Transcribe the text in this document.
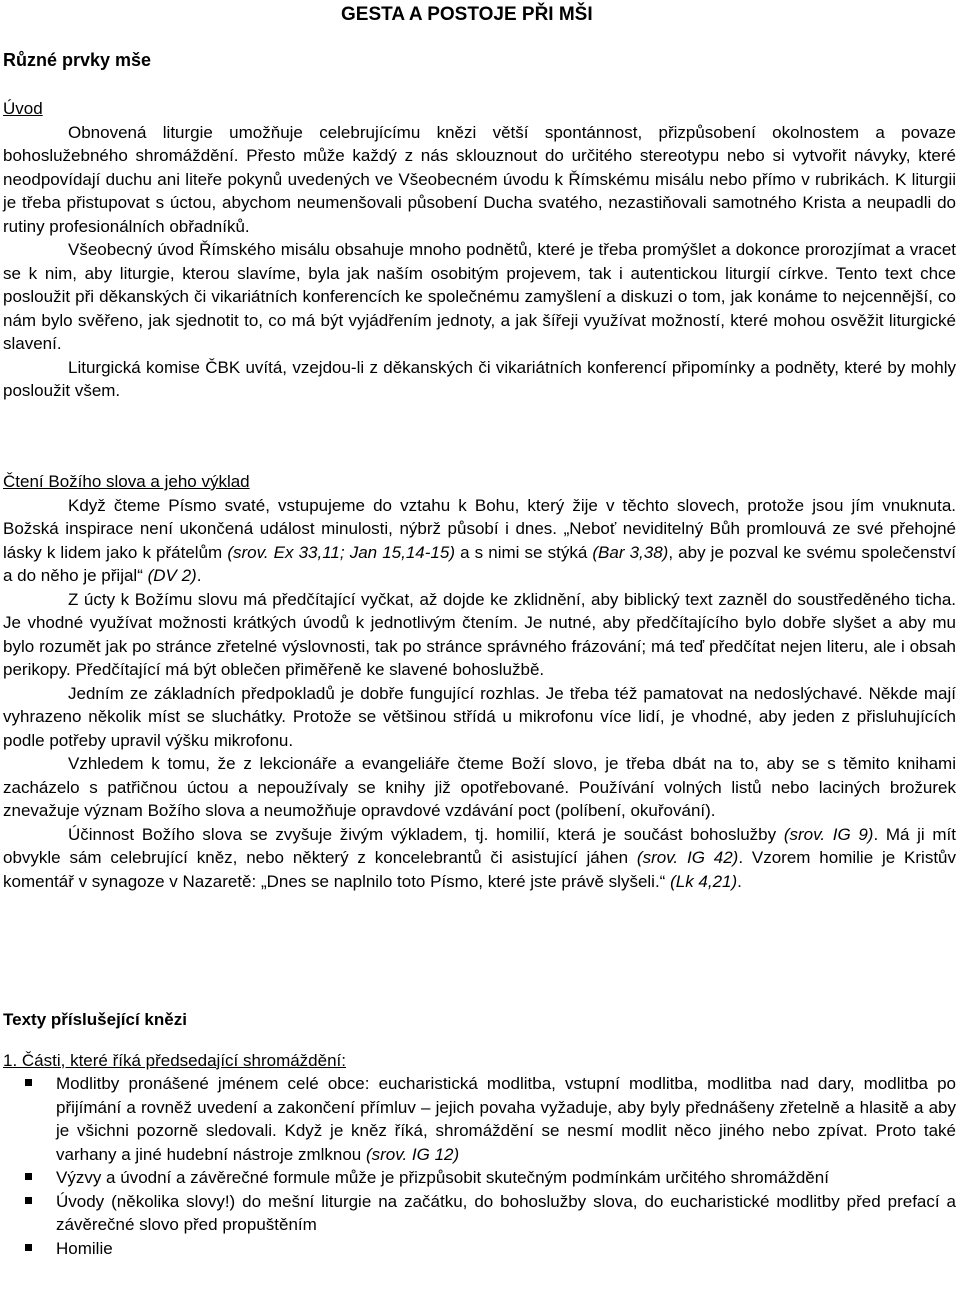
GESTA A POSTOJE PŘI MŠI
Různé prvky mše
Úvod

Obnovená liturgie umožňuje celebrujícímu knězi větší spontánnost, přizpůsobení okolnostem a povaze bohoslužebného shromáždění. Přesto může každý z nás sklouznout do určitého stereotypu nebo si vytvořit návyky, které neodpovídají duchu ani liteře pokynů uvedených ve Všeobecném úvodu k Římskému misálu nebo přímo v rubrikách. K liturgii je třeba přistupovat s úctou, abychom neumenšovali působení Ducha svatého, nezastiňovali samotného Krista a neupadli do rutiny profesionálních obřadníků.

Všeobecný úvod Římského misálu obsahuje mnoho podnětů, které je třeba promýšlet a dokonce prorozjímat a vracet se k nim, aby liturgie, kterou slavíme, byla jak naším osobitým projevem, tak i autentickou liturgií církve. Tento text chce posloužit při děkanských či vikariátních konferencích ke společnému zamyšlení a diskuzi o tom, jak konáme to nejcennější, co nám bylo svěřeno, jak sjednotit to, co má být vyjádřením jednoty, a jak šířeji využívat možností, které mohou osvěžit liturgické slavení.

Liturgická komise ČBK uvítá, vzejdou-li z děkanských či vikariátních konferencí připomínky a podněty, které by mohly posloužit všem.

Čtení Božího slova a jeho výklad

Když čteme Písmo svaté, vstupujeme do vztahu k Bohu, který žije v těchto slovech, protože jsou jím vnuknuta. Božská inspirace není ukončená událost minulosti, nýbrž působí i dnes. „Neboť neviditelný Bůh promlouvá ze své přehojné lásky k lidem jako k přátelům (srov. Ex 33,11; Jan 15,14-15) a s nimi se stýká (Bar 3,38), aby je pozval ke svému společenství a do něho je přijal“ (DV 2).

Z úcty k Božímu slovu má předčítající vyčkat, až dojde ke zklidnění, aby biblický text zazněl do soustředěného ticha. Je vhodné využívat možnosti krátkých úvodů k jednotlivým čtením. Je nutné, aby předčítajícího bylo dobře slyšet a aby mu bylo rozumět jak po stránce zřetelné výslovnosti, tak po stránce správného frázování; má teď předčítat nejen literu, ale i obsah perikopy. Předčítající má být oblečen přiměřeně ke slavené bohoslužbě.

Jedním ze základních předpokladů je dobře fungující rozhlas. Je třeba též pamatovat na nedoslýchavé. Někde mají vyhrazeno několik míst se sluchátky. Protože se většinou střídá u mikrofonu více lidí, je vhodné, aby jeden z přisluhujících podle potřeby upravil výšku mikrofonu.

Vzhledem k tomu, že z lekcionáře a evangeliáře čteme Boží slovo, je třeba dbát na to, aby se s těmito knihami zacházelo s patřičnou úctou a nepoužívaly se knihy již opotřebované. Používání volných listů nebo laciných brožurek znevažuje význam Božího slova a neumožňuje opravdové vzdávání poct (políbení, okuřování).

Účinnost Božího slova se zvyšuje živým výkladem, tj. homilií, která je součást bohoslužby (srov. IG 9). Má ji mít obvykle sám celebrující kněz, nebo některý z koncelebrantů či asistující jáhen (srov. IG 42). Vzorem homilie je Kristův komentář v synagoze v Nazaretě: „Dnes se naplnilo toto Písmo, které jste právě slyšeli.“ (Lk 4,21).

Texty příslušející knězi
1. Části, které říká předsedající shromáždění:
Modlitby pronášené jménem celé obce: eucharistická modlitba, vstupní modlitba, modlitba nad dary, modlitba po přijímání a rovněž uvedení a zakončení přímluv – jejich povaha vyžaduje, aby byly přednášeny zřetelně a hlasitě a aby je všichni pozorně sledovali. Když je kněz říká, shromáždění se nesmí modlit něco jiného nebo zpívat. Proto také varhany a jiné hudební nástroje zmlknou (srov. IG 12)
Výzvy a úvodní a závěrečné formule může je přizpůsobit skutečným podmínkám určitého shromáždění
Úvody (několika slovy!) do mešní liturgie na začátku, do bohoslužby slova, do eucharistické modlitby před prefací a závěrečné slovo před propuštěním
Homilie
